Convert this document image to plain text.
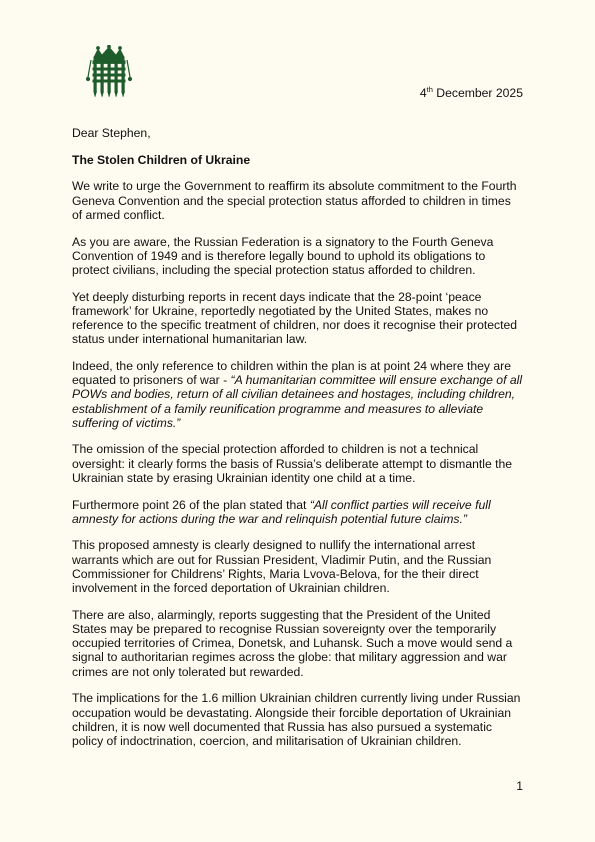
4th December 2025

Dear Stephen,

The Stolen Children of Ukraine

We write to urge the Government to reaffirm its absolute commitment to the Fourth Geneva Convention and the special protection status afforded to children in times of armed conflict.

As you are aware, the Russian Federation is a signatory to the Fourth Geneva Convention of 1949 and is therefore legally bound to uphold its obligations to protect civilians, including the special protection status afforded to children.

Yet deeply disturbing reports in recent days indicate that the 28-point ‘peace framework’ for Ukraine, reportedly negotiated by the United States, makes no reference to the specific treatment of children, nor does it recognise their protected status under international humanitarian law.

Indeed, the only reference to children within the plan is at point 24 where they are equated to prisoners of war - “A humanitarian committee will ensure exchange of all POWs and bodies, return of all civilian detainees and hostages, including children, establishment of a family reunification programme and measures to alleviate suffering of victims.”

The omission of the special protection afforded to children is not a technical oversight: it clearly forms the basis of Russia’s deliberate attempt to dismantle the Ukrainian state by erasing Ukrainian identity one child at a time.

Furthermore point 26 of the plan stated that “All conflict parties will receive full amnesty for actions during the war and relinquish potential future claims.”

This proposed amnesty is clearly designed to nullify the international arrest warrants which are out for Russian President, Vladimir Putin, and the Russian Commissioner for Childrens’ Rights, Maria Lvova-Belova, for the their direct involvement in the forced deportation of Ukrainian children.

There are also, alarmingly, reports suggesting that the President of the United States may be prepared to recognise Russian sovereignty over the temporarily occupied territories of Crimea, Donetsk, and Luhansk. Such a move would send a signal to authoritarian regimes across the globe: that military aggression and war crimes are not only tolerated but rewarded.

The implications for the 1.6 million Ukrainian children currently living under Russian occupation would be devastating. Alongside their forcible deportation of Ukrainian children, it is now well documented that Russia has also pursued a systematic policy of indoctrination, coercion, and militarisation of Ukrainian children.

1
